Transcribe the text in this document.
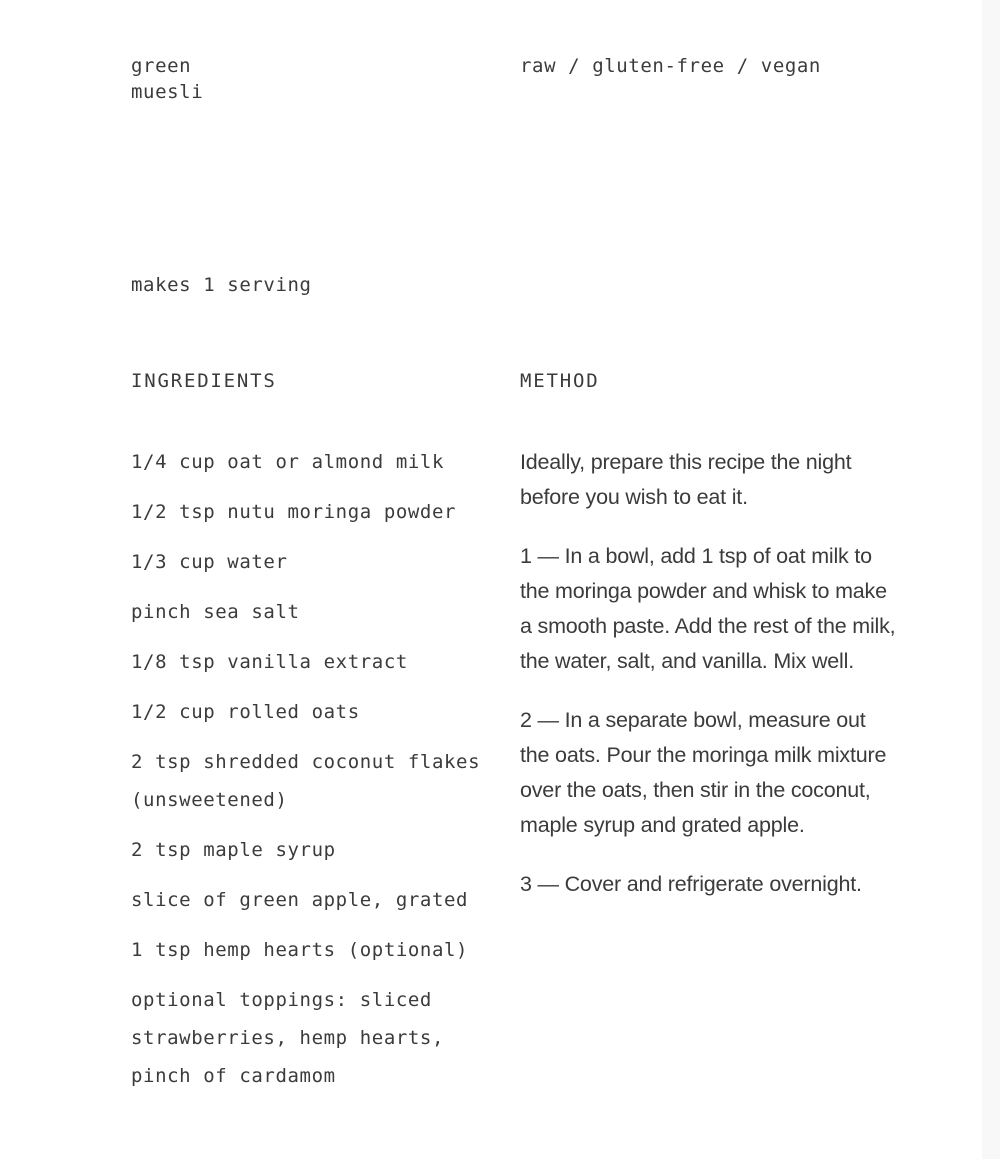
green
muesli

raw / gluten-free / vegan

makes 1 serving

INGREDIENTS	METHOD
1/4 cup oat or almond milk
1/2 tsp nutu moringa powder
1/3 cup water
pinch sea salt
1/8 tsp vanilla extract
1/2 cup rolled oats
2 tsp shredded coconut flakes (unsweetened)
2 tsp maple syrup
slice of green apple, grated
1 tsp hemp hearts (optional)
optional toppings: sliced strawberries, hemp hearts, pinch of cardamom

Ideally, prepare this recipe the night before you wish to eat it.

1 — In a bowl, add 1 tsp of oat milk to the moringa powder and whisk to make a smooth paste. Add the rest of the milk, the water, salt, and vanilla. Mix well.

2 — In a separate bowl, measure out the oats. Pour the moringa milk mixture over the oats, then stir in the coconut, maple syrup and grated apple.

3 — Cover and refrigerate overnight.
